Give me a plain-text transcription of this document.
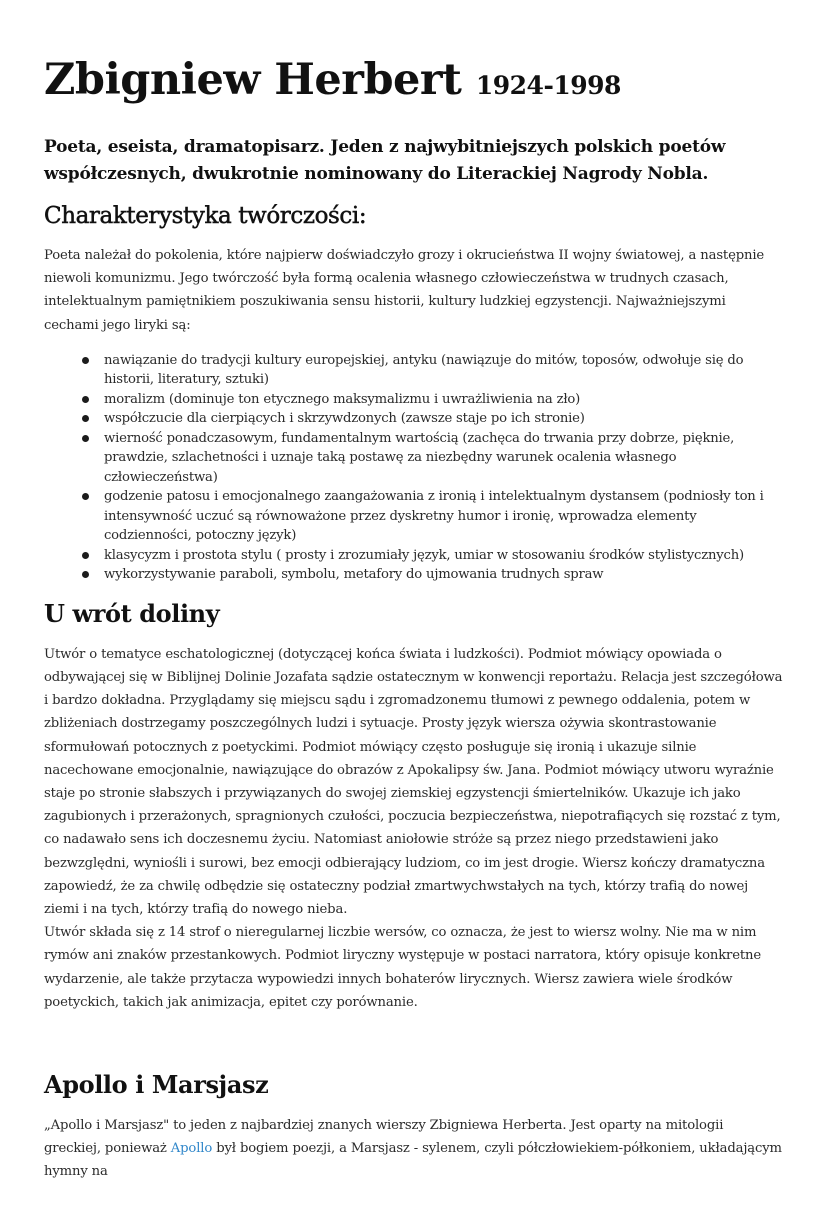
Zbigniew Herbert 1924-1998

Poeta, eseista, dramatopisarz. Jeden z najwybitniejszych polskich poetów współczesnych, dwukrotnie nominowany do Literackiej Nagrody Nobla.

Charakterystyka twórczości:

Poeta należał do pokolenia, które najpierw doświadczyło grozy i okrucieństwa II wojny światowej, a następnie niewoli komunizmu. Jego twórczość była formą ocalenia własnego człowieczeństwa w trudnych czasach, intelektualnym pamiętnikiem poszukiwania sensu historii, kultury ludzkiej egzystencji. Najważniejszymi cechami jego liryki są:

nawiązanie do tradycji kultury europejskiej, antyku (nawiązuje do mitów, toposów, odwołuje się do historii, literatury, sztuki)
moralizm (dominuje ton etycznego maksymalizmu i uwrażliwienia na zło)
współczucie dla cierpiących i skrzywdzonych (zawsze staje po ich stronie)
wierność ponadczasowym, fundamentalnym wartością (zachęca do trwania przy dobrze, pięknie, prawdzie, szlachetności i uznaje taką postawę za niezbędny warunek ocalenia własnego człowieczeństwa)
godzenie patosu i emocjonalnego zaangażowania z ironią i intelektualnym dystansem (podniosły ton i intensywność uczuć są równoważone przez dyskretny humor i ironię, wprowadza elementy codzienności, potoczny język)
klasycyzm i prostota stylu ( prosty i zrozumiały język, umiar w stosowaniu środków stylistycznych)
wykorzystywanie paraboli, symbolu, metafory do ujmowania trudnych spraw
U wrót doliny

Utwór o tematyce eschatologicznej (dotyczącej końca świata i ludzkości). Podmiot mówiący opowiada o odbywającej się w Biblijnej Dolinie Jozafata sądzie ostatecznym w konwencji reportażu. Relacja jest szczegółowa i bardzo dokładna. Przyglądamy się miejscu sądu i zgromadzonemu tłumowi z pewnego oddalenia, potem w zbliżeniach dostrzegamy poszczególnych ludzi i sytuacje. Prosty język wiersza ożywia skontrastowanie sformułowań potocznych z poetyckimi. Podmiot mówiący często posługuje się ironią i ukazuje silnie nacechowane emocjonalnie, nawiązujące do obrazów z Apokalipsy św. Jana. Podmiot mówiący utworu wyraźnie staje po stronie słabszych i przywiązanych do swojej ziemskiej egzystencji śmiertelników. Ukazuje ich jako zagubionych i przerażonych, spragnionych czułości, poczucia bezpieczeństwa, niepotrafiących się rozstać z tym, co nadawało sens ich doczesnemu życiu. Natomiast aniołowie stróże są przez niego przedstawieni jako bezwzględni, wyniośli i surowi, bez emocji odbierający ludziom, co im jest drogie. Wiersz kończy dramatyczna zapowiedź, że za chwilę odbędzie się ostateczny podział zmartwychwstałych na tych, którzy trafią do nowej ziemi i na tych, którzy trafią do nowego nieba.

Utwór składa się z 14 strof o nieregularnej liczbie wersów, co oznacza, że jest to wiersz wolny. Nie ma w nim rymów ani znaków przestankowych. Podmiot liryczny występuje w postaci narratora, który opisuje konkretne wydarzenie, ale także przytacza wypowiedzi innych bohaterów lirycznych. Wiersz zawiera wiele środków poetyckich, takich jak animizacja, epitet czy porównanie.

Apollo i Marsjasz

„Apollo i Marsjasz" to jeden z najbardziej znanych wierszy Zbigniewa Herberta. Jest oparty na mitologii greckiej, ponieważ Apollo był bogiem poezji, a Marsjasz - sylenem, czyli półczłowiekiem-półkoniem, układającym hymny na
